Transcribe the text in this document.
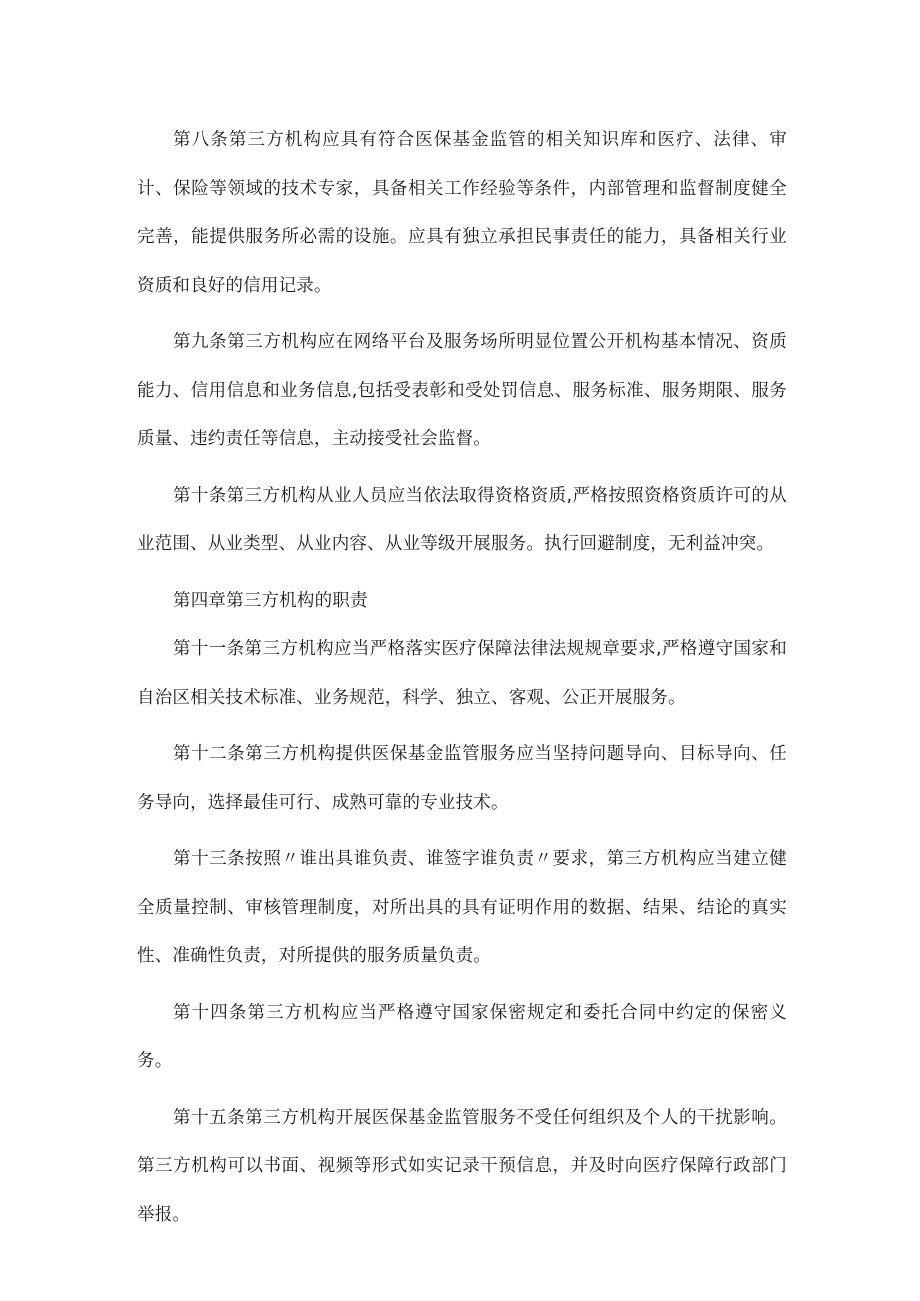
第八条第三方机构应具有符合医保基金监管的相关知识库和医疗、法律、审计、保险等领域的技术专家，具备相关工作经验等条件，内部管理和监督制度健全完善，能提供服务所必需的设施。应具有独立承担民事责任的能力，具备相关行业资质和良好的信用记录。

第九条第三方机构应在网络平台及服务场所明显位置公开机构基本情况、资质能力、信用信息和业务信息,包括受表彰和受处罚信息、服务标准、服务期限、服务质量、违约责任等信息，主动接受社会监督。

第十条第三方机构从业人员应当依法取得资格资质,严格按照资格资质许可的从业范围、从业类型、从业内容、从业等级开展服务。执行回避制度，无利益冲突。

第四章第三方机构的职责

第十一条第三方机构应当严格落实医疗保障法律法规规章要求,严格遵守国家和自治区相关技术标准、业务规范，科学、独立、客观、公正开展服务。

第十二条第三方机构提供医保基金监管服务应当坚持问题导向、目标导向、任务导向，选择最佳可行、成熟可靠的专业技术。

第十三条按照〃谁出具谁负责、谁签字谁负责〃要求，第三方机构应当建立健全质量控制、审核管理制度，对所出具的具有证明作用的数据、结果、结论的真实性、准确性负责，对所提供的服务质量负责。

第十四条第三方机构应当严格遵守国家保密规定和委托合同中约定的保密义务。

第十五条第三方机构开展医保基金监管服务不受任何组织及个人的干扰影响。第三方机构可以书面、视频等形式如实记录干预信息，并及时向医疗保障行政部门举报。
